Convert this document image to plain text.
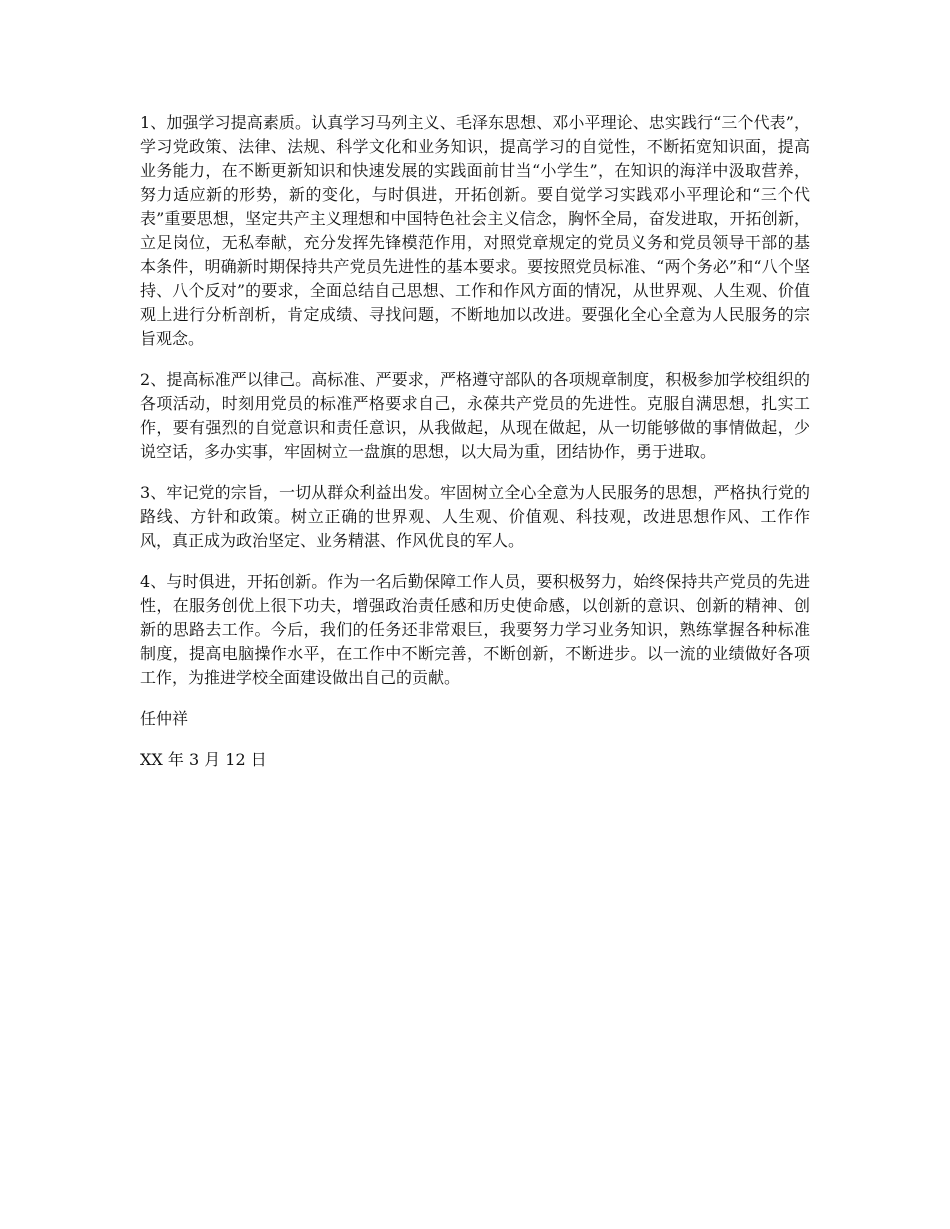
1、加强学习提高素质。认真学习马列主义、毛泽东思想、邓小平理论、忠实践行“三个代表”，学习党政策、法律、法规、科学文化和业务知识，提高学习的自觉性，不断拓宽知识面，提高业务能力，在不断更新知识和快速发展的实践面前甘当“小学生”，在知识的海洋中汲取营养，努力适应新的形势，新的变化，与时俱进，开拓创新。要自觉学习实践邓小平理论和“三个代表”重要思想，坚定共产主义理想和中国特色社会主义信念，胸怀全局，奋发进取，开拓创新，立足岗位，无私奉献，充分发挥先锋模范作用，对照党章规定的党员义务和党员领导干部的基本条件，明确新时期保持共产党员先进性的基本要求。要按照党员标准、“两个务必”和“八个坚持、八个反对”的要求，全面总结自己思想、工作和作风方面的情况，从世界观、人生观、价值观上进行分析剖析，肯定成绩、寻找问题，不断地加以改进。要强化全心全意为人民服务的宗旨观念。

2、提高标准严以律己。高标准、严要求，严格遵守部队的各项规章制度，积极参加学校组织的各项活动，时刻用党员的标准严格要求自己，永葆共产党员的先进性。克服自满思想，扎实工作，要有强烈的自觉意识和责任意识，从我做起，从现在做起，从一切能够做的事情做起，少说空话，多办实事，牢固树立一盘旗的思想，以大局为重，团结协作，勇于进取。

3、牢记党的宗旨，一切从群众利益出发。牢固树立全心全意为人民服务的思想，严格执行党的路线、方针和政策。树立正确的世界观、人生观、价值观、科技观，改进思想作风、工作作风，真正成为政治坚定、业务精湛、作风优良的军人。

4、与时俱进，开拓创新。作为一名后勤保障工作人员，要积极努力，始终保持共产党员的先进性，在服务创优上很下功夫，增强政治责任感和历史使命感，以创新的意识、创新的精神、创新的思路去工作。今后，我们的任务还非常艰巨，我要努力学习业务知识，熟练掌握各种标准制度，提高电脑操作水平，在工作中不断完善，不断创新，不断进步。以一流的业绩做好各项工作，为推进学校全面建设做出自己的贡献。

任仲祥

XX 年 3 月 12 日
